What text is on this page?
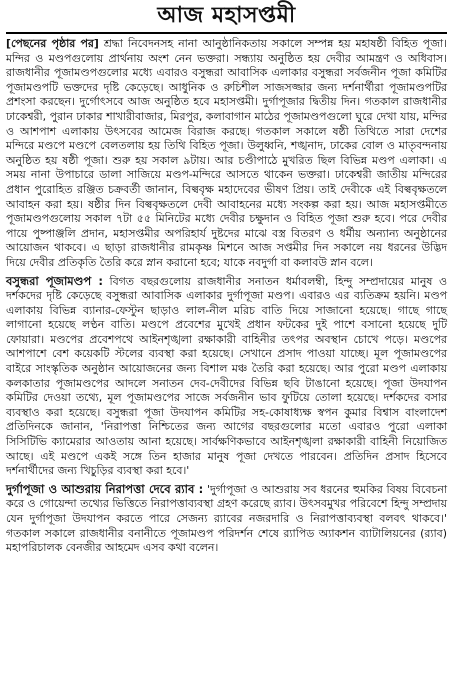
আজ মহাসপ্তমী

[পেছনের পৃষ্ঠার পর] শ্রদ্ধা নিবেদনসহ নানা আনুষ্ঠানিকতায় সকালে সম্পন্ন হয় মহাষষ্ঠী বিহিত পূজা। মন্দির ও মণ্ডপগুলোয় প্রার্থনায় অংশ নেন ভক্তরা। সন্ধ্যায় অনুষ্ঠিত হয় দেবীর আমন্ত্রণ ও অধিবাস। রাজধানীর পূজামণ্ডপগুলোর মধ্যে এবারও বসুন্ধরা আবাসিক এলাকার বসুন্ধরা সর্বজনীন পূজা কমিটির পূজামণ্ডপটি ভক্তদের দৃষ্টি কেড়েছে। আধুনিক ও রুচিশীল সাজসজ্জার জন্য দর্শনার্থীরা পূজামণ্ডপটির প্রশংসা করছেন। দুর্গোৎসবে আজ অনুষ্ঠিত হবে মহাসপ্তমী। দুর্গাপূজার দ্বিতীয় দিন। গতকাল রাজধানীর ঢাকেশ্বরী, পুরান ঢাকার শাখারীবাজার, মিরপুর, কলাবাগান মাঠের পূজামণ্ডপগুলো ঘুরে দেখা যায়, মন্দির ও আশপাশ এলাকায় উৎসবের আমেজ বিরাজ করছে। গতকাল সকালে ষষ্ঠী তিথিতে সারা দেশের মন্দিরে মণ্ডপে মণ্ডপে বেলতলায় হয় তিথি বিহিত পূজা। উলুধ্বনি, শঙ্খনাদ, ঢাকের বোল ও মাতৃবন্দনায় অনুষ্ঠিত হয় ষষ্ঠী পূজা। শুরু হয় সকাল ৯টায়। আর চণ্ডীপাঠে মুখরিত ছিল বিভিন্ন মণ্ডপ এলাকা। এ সময় নানা উপাচারে ডালা সাজিয়ে মণ্ডপ-মন্দিরে আসতে থাকেন ভক্তরা। ঢাকেশ্বরী জাতীয় মন্দিরের প্রধান পুরোহিত রঞ্জিত চক্রবর্তী জানান, বিল্ববৃক্ষ মহাদেবের ভীষণ প্রিয়। তাই দেবীকে এই বিল্ববৃক্ষতলে আবাহন করা হয়। ষষ্ঠীর দিন বিল্ববৃক্ষতলে দেবী আবাহনের মধ্যে সংকল্প করা হয়। আজ মহাসপ্তমীতে পূজামণ্ডপগুলোয় সকাল ৭টা ৫৫ মিনিটের মধ্যে দেবীর চক্ষুদান ও বিহিত পূজা শুরু হবে। পরে দেবীর পায়ে পুষ্পাঞ্জলি প্রদান, মহাসপ্তমীর অপরিহার্য দুষ্টদের মাঝে বস্ত্র বিতরণ ও ধর্মীয় অন্যান্য অনুষ্ঠানের আয়োজন থাকবে। এ ছাড়া রাজধানীর রামকৃষ্ণ মিশনে আজ সপ্তমীর দিন সকালে নয় ধরনের উদ্ভিদ দিয়ে দেবীর প্রতিকৃতি তৈরি করে স্নান করানো হবে; যাকে নবদুর্গা বা কলাবউ স্নান বলে।

বসুন্ধরা পূজামণ্ডপ : বিগত বছরগুলোয় রাজধানীর সনাতন ধর্মাবলম্বী, হিন্দু সম্প্রদায়ের মানুষ ও দর্শকদের দৃষ্টি কেড়েছে বসুন্ধরা আবাসিক এলাকার দুর্গাপূজা মণ্ডপ। এবারও এর ব্যতিক্রম হয়নি। মণ্ডপ এলাকায় বিভিন্ন ব্যানার-ফেস্টুন ছাড়াও লাল-নীল মরিচ বাতি দিয়ে সাজানো হয়েছে। গাছে গাছে লাগানো হয়েছে লণ্ঠন বাতি। মণ্ডপে প্রবেশের মুখেই প্রধান ফটকের দুই পাশে বসানো হয়েছে দুটি ফোয়ারা। মণ্ডপের প্রবেশপথে আইনশৃঙ্খলা রক্ষাকারী বাহিনীর তৎপর অবস্থান চোখে পড়ে। মণ্ডপের আশপাশে বেশ কয়েকটি স্টলের ব্যবস্থা করা হয়েছে। সেখানে প্রসাদ পাওয়া যাচ্ছে। মূল পূজামণ্ডপের বাইরে সাংস্কৃতিক অনুষ্ঠান আয়োজনের জন্য বিশাল মঞ্চ তৈরি করা হয়েছে। আর পুরো মণ্ডপ এলাকায় কলকাতার পূজামণ্ডপের আদলে সনাতন দেব-দেবীদের বিভিন্ন ছবি টাঙানো হয়েছে। পূজা উদযাপন কমিটির দেওয়া তথ্যে, মূল পূজামণ্ডপের সাজে সর্বজনীন ভাব ফুটিয়ে তোলা হয়েছে। দর্শকদের বসার ব্যবস্থাও করা হয়েছে। বসুন্ধরা পূজা উদযাপন কমিটির সহ-কোষাধ্যক্ষ স্বপন কুমার বিশ্বাস বাংলাদেশ প্রতিদিনকে জানান, 'নিরাপত্তা নিশ্চিতের জন্য আগের বছরগুলোর মতো এবারও পুরো এলাকা সিসিটিভি ক্যামেরার আওতায় আনা হয়েছে। সার্বক্ষণিকভাবে আইনশৃঙ্খলা রক্ষাকারী বাহিনী নিয়োজিত আছে। এই মণ্ডপে একই সঙ্গে তিন হাজার মানুষ পূজা দেখতে পারবেন। প্রতিদিন প্রসাদ হিসেবে দর্শনার্থীদের জন্য খিচুড়ির ব্যবস্থা করা হবে।'

দুর্গাপূজা ও আশুরায় নিরাপত্তা দেবে র‌্যাব : 'দুর্গাপূজা ও আশুরায় সব ধরনের হুমকির বিষয় বিবেচনা করে ও গোয়েন্দা তথ্যের ভিত্তিতে নিরাপত্তাব্যবস্থা গ্রহণ করেছে র‌্যাব। উৎসবমুখর পরিবেশে হিন্দু সম্প্রদায় যেন দুর্গাপূজা উদযাপন করতে পারে সেজন্য র‌্যাবের নজরদারি ও নিরাপত্তাব্যবস্থা বলবৎ থাকবে।' গতকাল সকালে রাজধানীর বনানীতে পূজামণ্ডপ পরিদর্শন শেষে র‌্যাপিড অ্যাকশন ব্যাটালিয়নের (র‌্যাব) মহাপরিচালক বেনজীর আহমেদ এসব কথা বলেন।
